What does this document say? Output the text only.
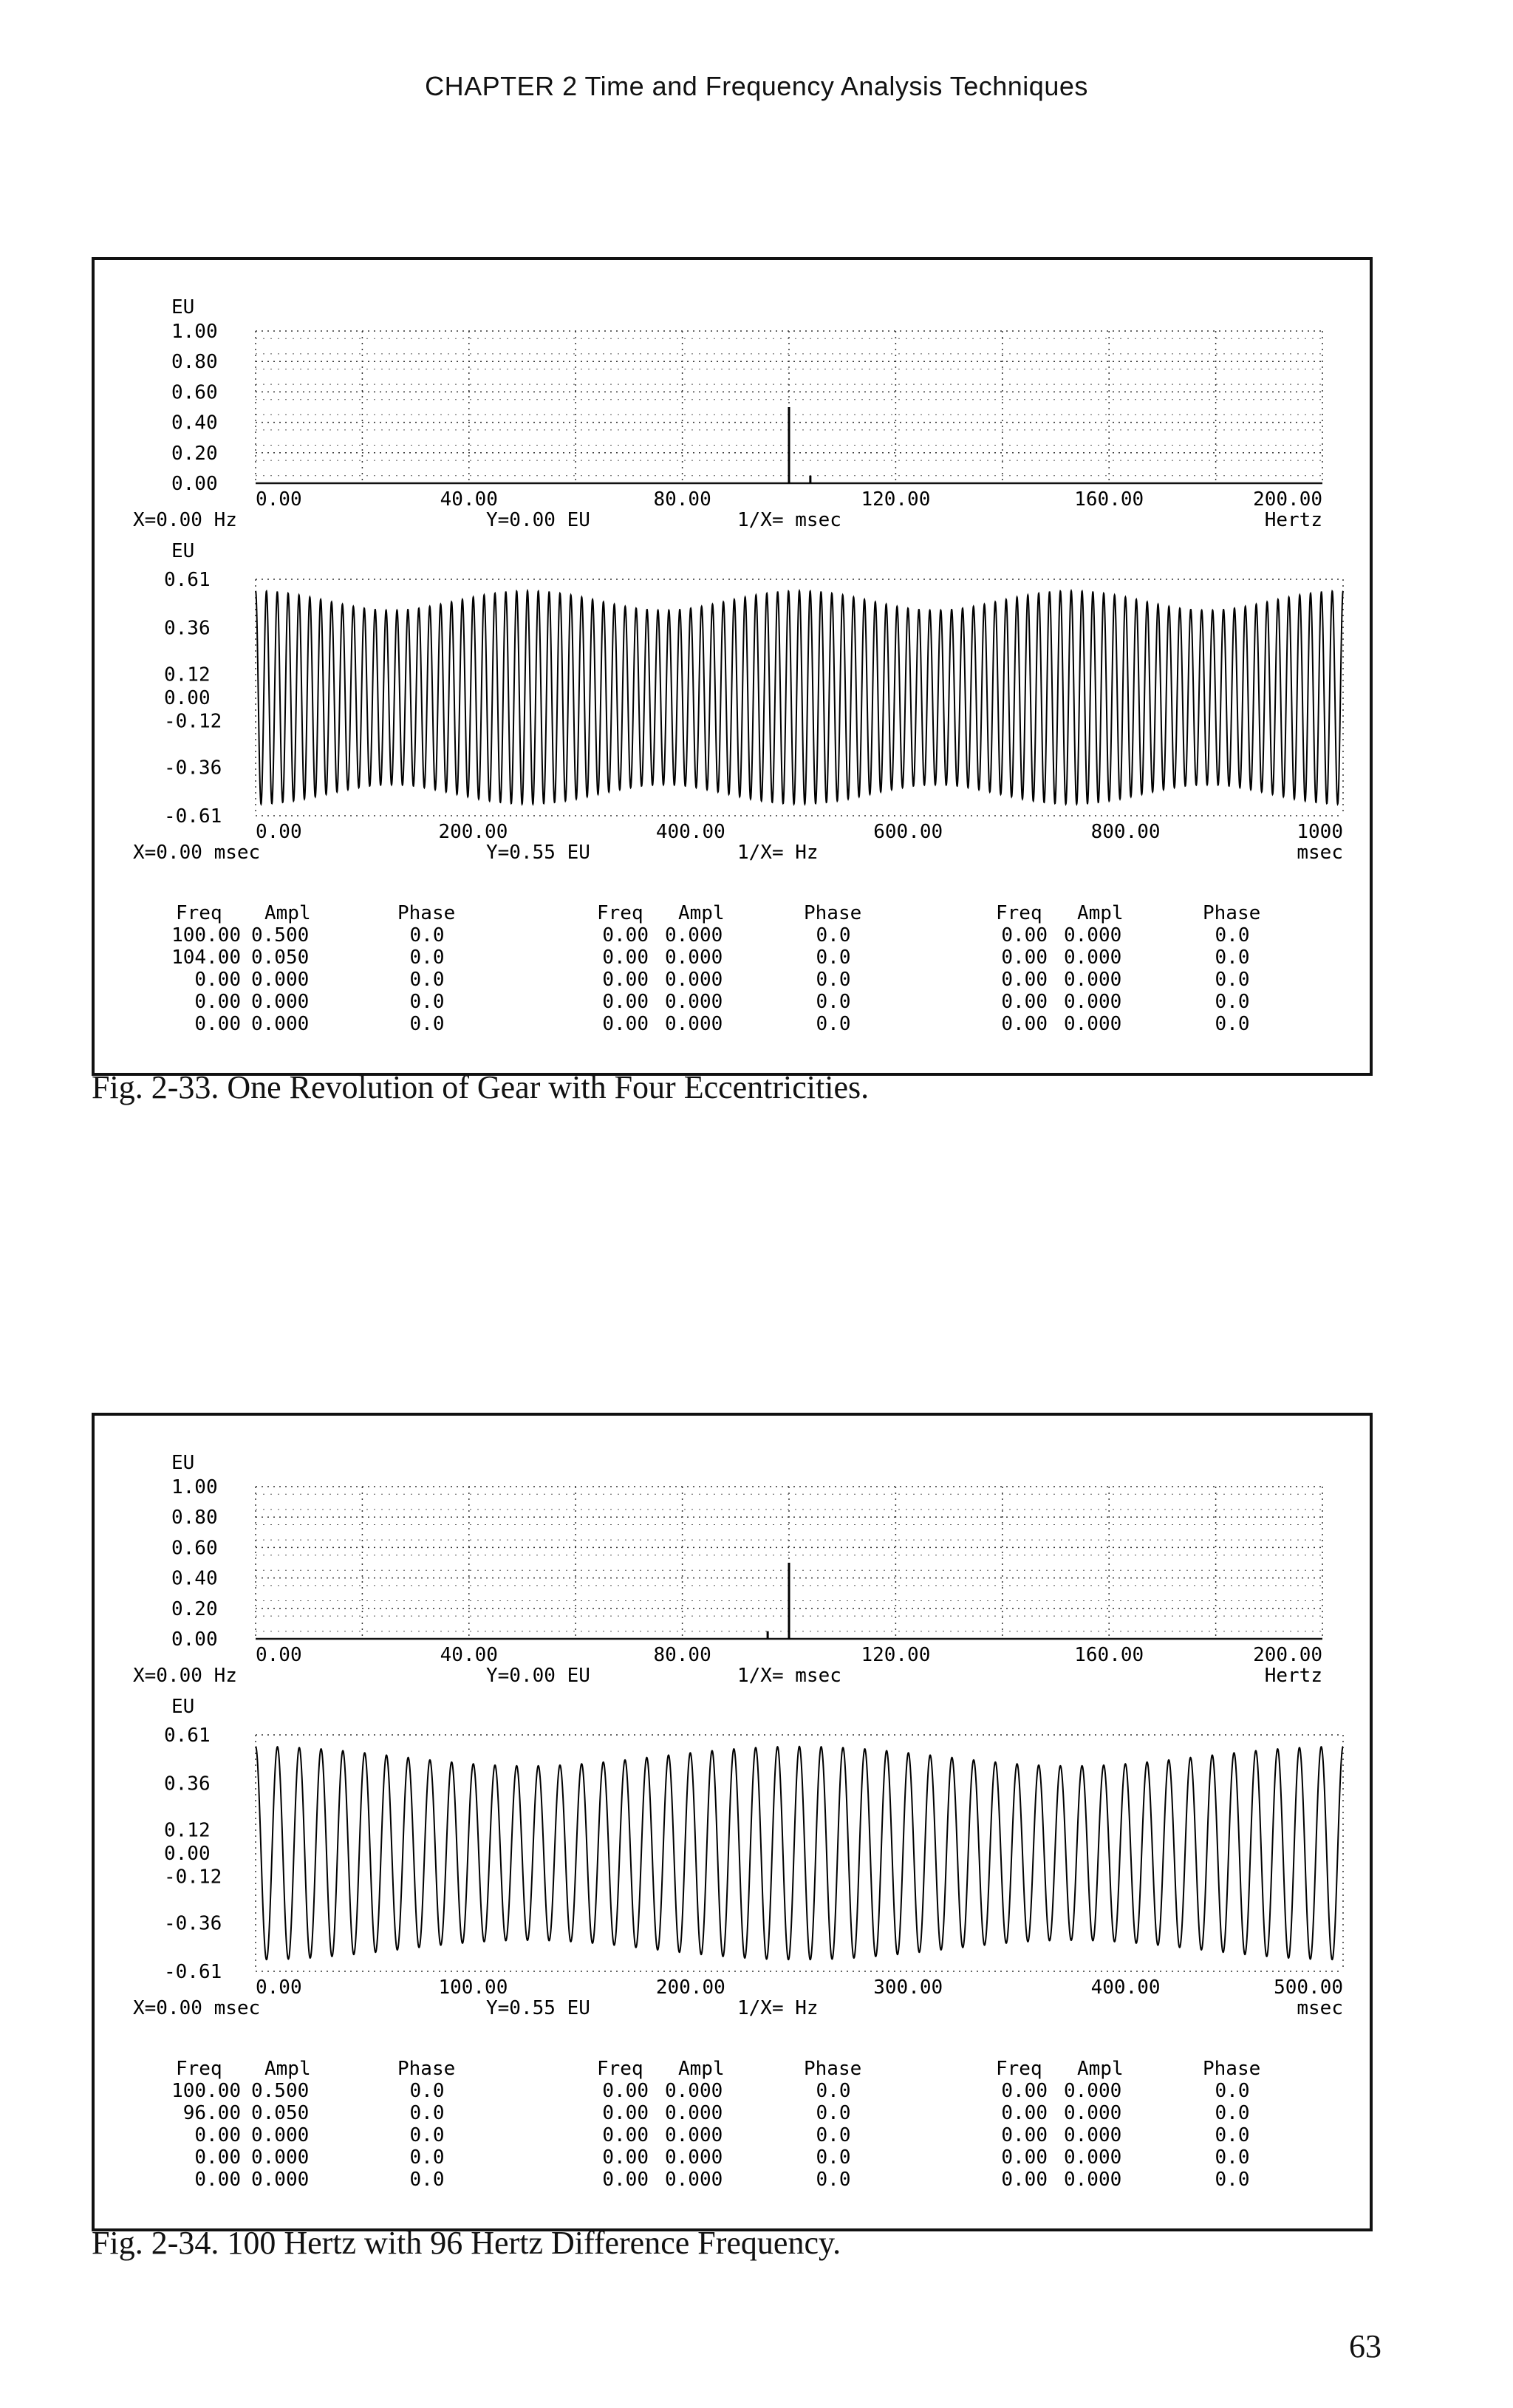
CHAPTER 2 Time and Frequency Analysis Techniques
EU
1.00
0.80
0.60
0.40
0.20
0.00
0.00	40.00	80.00	120.00	160.00	200.00
X=0.00 Hz	Y=0.00 EU	1/X= msec	Hertz
EU
0.61
0.36
0.12
0.00
-0.12
-0.36
-0.61
0.00	200.00	400.00	600.00	800.00	1000
X=0.00 msec	Y=0.55 EU	1/X= Hz	msec
Freq Ampl	Phase	Freq Ampl	Phase	Freq Ampl	Phase
100.00 0.500	0.0	0.00 0.000	0.0	0.00 0.000	0.0
104.00 0.050	0.0	0.00 0.000	0.0	0.00 0.000	0.0
0.00 0.000	0.0	0.00 0.000	0.0	0.00 0.000	0.0
0.00 0.000	0.0	0.00 0.000	0.0	0.00 0.000	0.0
0.00 0.000	0.0	0.00 0.000	0.0	0.00 0.000	0.0
Fig. 2-33. One Revolution of Gear with Four Eccentricities.
EU
1.00
0.80
0.60
0.40
0.20
0.00
0.00	40.00	80.00	120.00	160.00	200.00
X=0.00 Hz	Y=0.00 EU	1/X= msec	Hertz
EU
0.61
0.36
0.12
0.00
-0.12
-0.36
-0.61
0.00	100.00	200.00	300.00	400.00	500.00
X=0.00 msec	Y=0.55 EU	1/X= Hz	msec
Freq Ampl	Phase	Freq Ampl	Phase	Freq Ampl	Phase
100.00 0.500	0.0	0.00 0.000	0.0	0.00 0.000	0.0
96.00 0.050	0.0	0.00 0.000	0.0	0.00 0.000	0.0
0.00 0.000	0.0	0.00 0.000	0.0	0.00 0.000	0.0
0.00 0.000	0.0	0.00 0.000	0.0	0.00 0.000	0.0
0.00 0.000	0.0	0.00 0.000	0.0	0.00 0.000	0.0
Fig. 2-34. 100 Hertz with 96 Hertz Difference Frequency.
63
